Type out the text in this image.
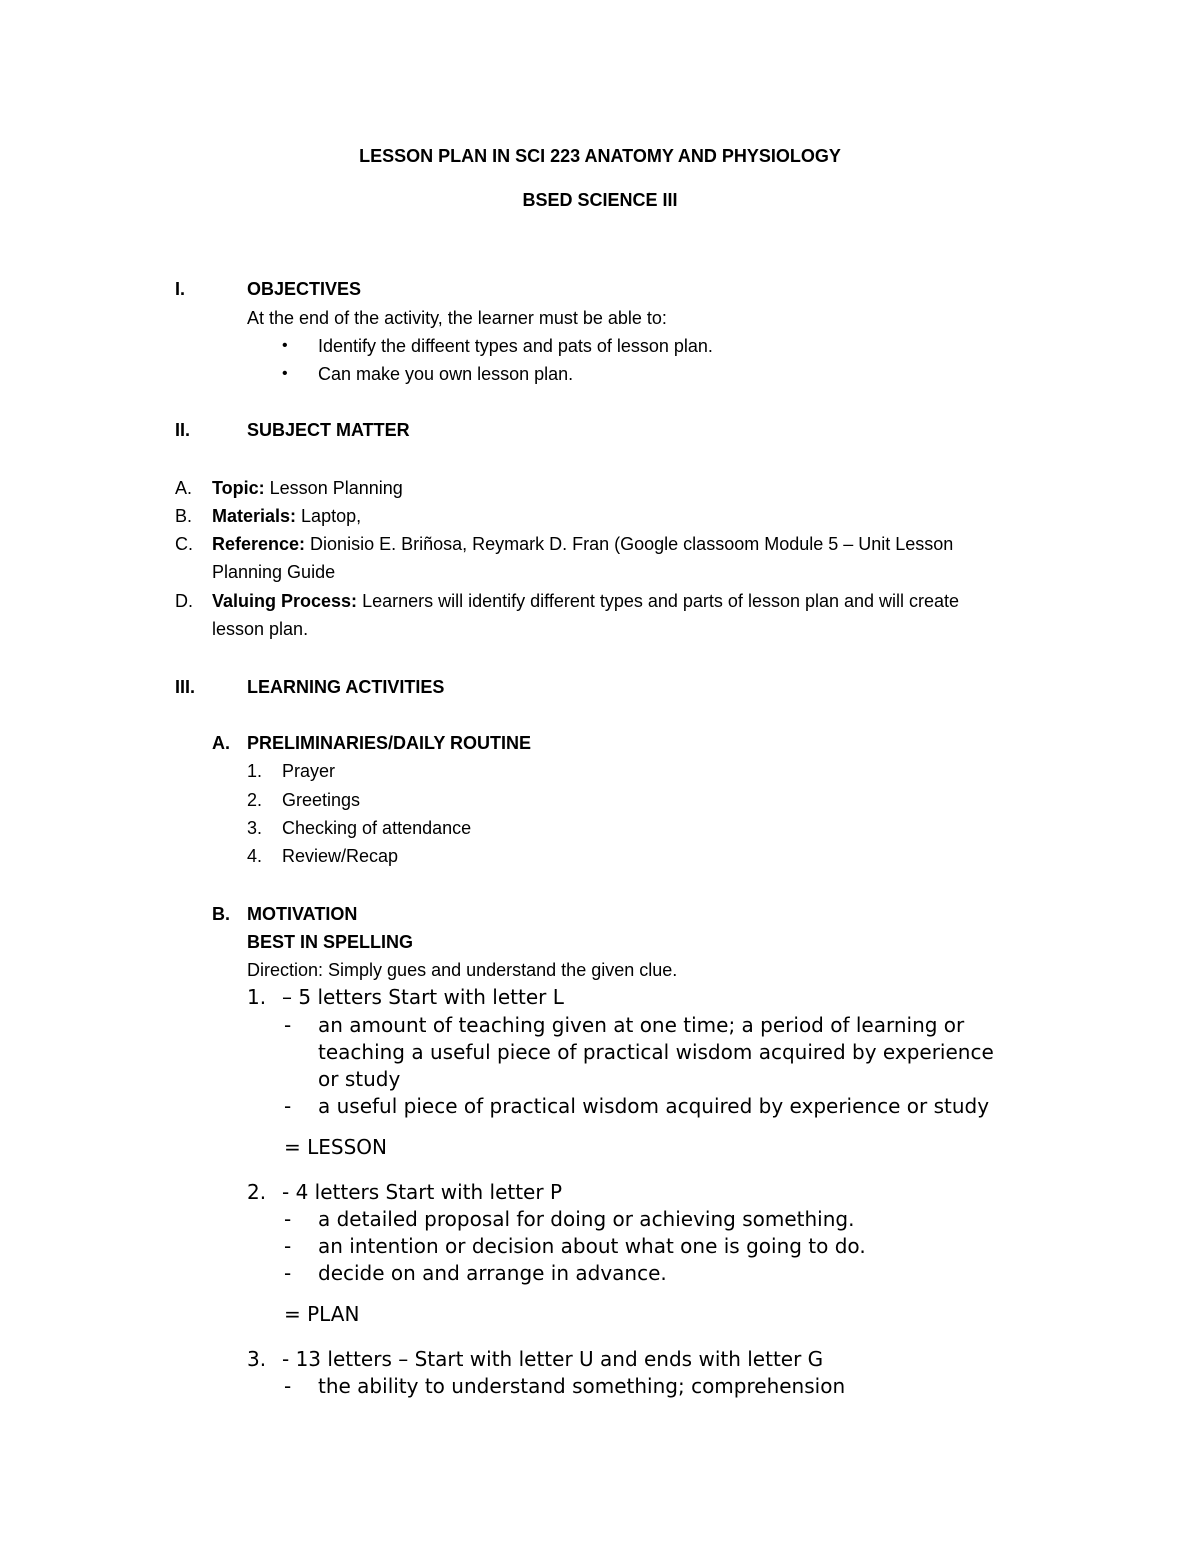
LESSON PLAN IN SCI 223 ANATOMY AND PHYSIOLOGY
BSED SCIENCE III
I.	OBJECTIVES
At the end of the activity, the learner must be able to:
• Identify the diffeent types and pats of lesson plan.
• Can make you own lesson plan.
II.	SUBJECT MATTER
A. Topic: Lesson Planning
B. Materials: Laptop,
C. Reference: Dionisio E. Briñosa, Reymark D. Fran (Google classoom Module 5 – Unit Lesson
Planning Guide
D. Valuing Process: Learners will identify different types and parts of lesson plan and will create
lesson plan.
III.	LEARNING ACTIVITIES
A. PRELIMINARIES/DAILY ROUTINE
1. Prayer
2. Greetings
3. Checking of attendance
4. Review/Recap
B. MOTIVATION
BEST IN SPELLING
Direction: Simply gues and understand the given clue.
1. – 5 letters Start with letter L
- an amount of teaching given at one time; a period of learning or
teaching a useful piece of practical wisdom acquired by experience
or study
- a useful piece of practical wisdom acquired by experience or study
= LESSON
2. - 4 letters Start with letter P
- a detailed proposal for doing or achieving something.
- an intention or decision about what one is going to do.
- decide on and arrange in advance.
= PLAN
3. - 13 letters – Start with letter U and ends with letter G
- the ability to understand something; comprehension
